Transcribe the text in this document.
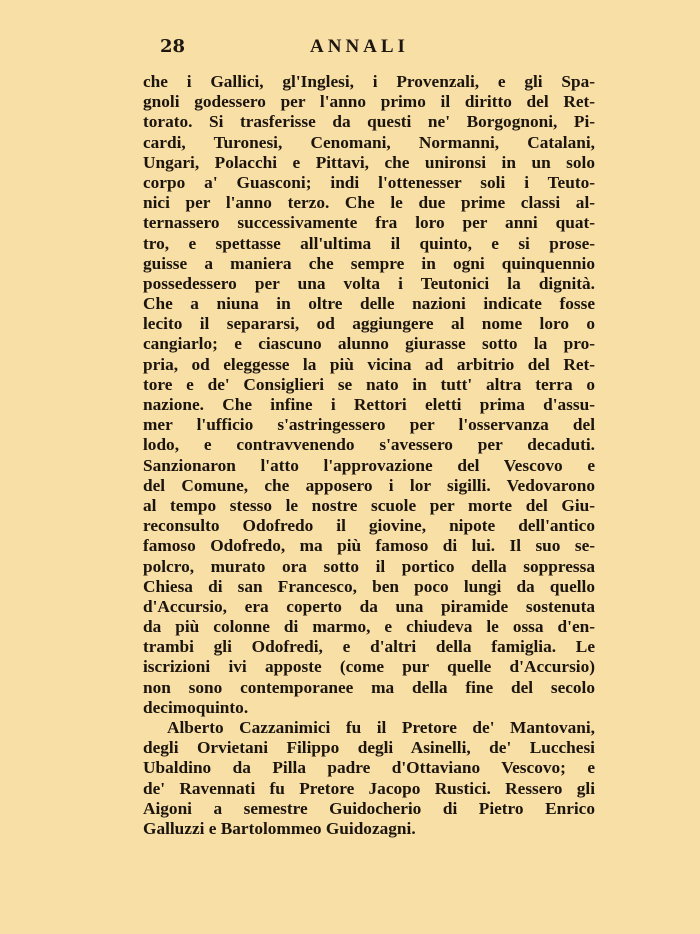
28	ANNALI
che i Gallici, gl'Inglesi, i Provenzali, e gli Spa-
gnoli godessero per l'anno primo il diritto del Ret-
torato. Si trasferisse da questi ne' Borgognoni, Pi-
cardi, Turonesi, Cenomani, Normanni, Catalani,
Ungari, Polacchi e Pittavi, che unironsi in un solo
corpo a' Guasconi; indi l'ottenesser soli i Teuto-
nici per l'anno terzo. Che le due prime classi al-
ternassero successivamente fra loro per anni quat-
tro, e spettasse all'ultima il quinto, e si prose-
guisse a maniera che sempre in ogni quinquennio
possedessero per una volta i Teutonici la dignità.
Che a niuna in oltre delle nazioni indicate fosse
lecito il separarsi, od aggiungere al nome loro o
cangiarlo; e ciascuno alunno giurasse sotto la pro-
pria, od eleggesse la più vicina ad arbitrio del Ret-
tore e de' Consiglieri se nato in tutt' altra terra o
nazione. Che infine i Rettori eletti prima d'assu-
mer l'ufficio s'astringessero per l'osservanza del
lodo, e contravvenendo s'avessero per decaduti.
Sanzionaron l'atto l'approvazione del Vescovo e
del Comune, che apposero i lor sigilli. Vedovarono
al tempo stesso le nostre scuole per morte del Giu-
reconsulto Odofredo il giovine, nipote dell'antico
famoso Odofredo, ma più famoso di lui. Il suo se-
polcro, murato ora sotto il portico della soppressa
Chiesa di san Francesco, ben poco lungi da quello
d'Accursio, era coperto da una piramide sostenuta
da più colonne di marmo, e chiudeva le ossa d'en-
trambi gli Odofredi, e d'altri della famiglia. Le
iscrizioni ivi apposte (come pur quelle d'Accursio)
non sono contemporanee ma della fine del secolo
decimoquinto.
Alberto Cazzanimici fu il Pretore de' Mantovani,
degli Orvietani Filippo degli Asinelli, de' Lucchesi
Ubaldino da Pilla padre d'Ottaviano Vescovo; e
de' Ravennati fu Pretore Jacopo Rustici. Ressero gli
Aigoni a semestre Guidocherio di Pietro Enrico
Galluzzi e Bartolommeo Guidozagni.
